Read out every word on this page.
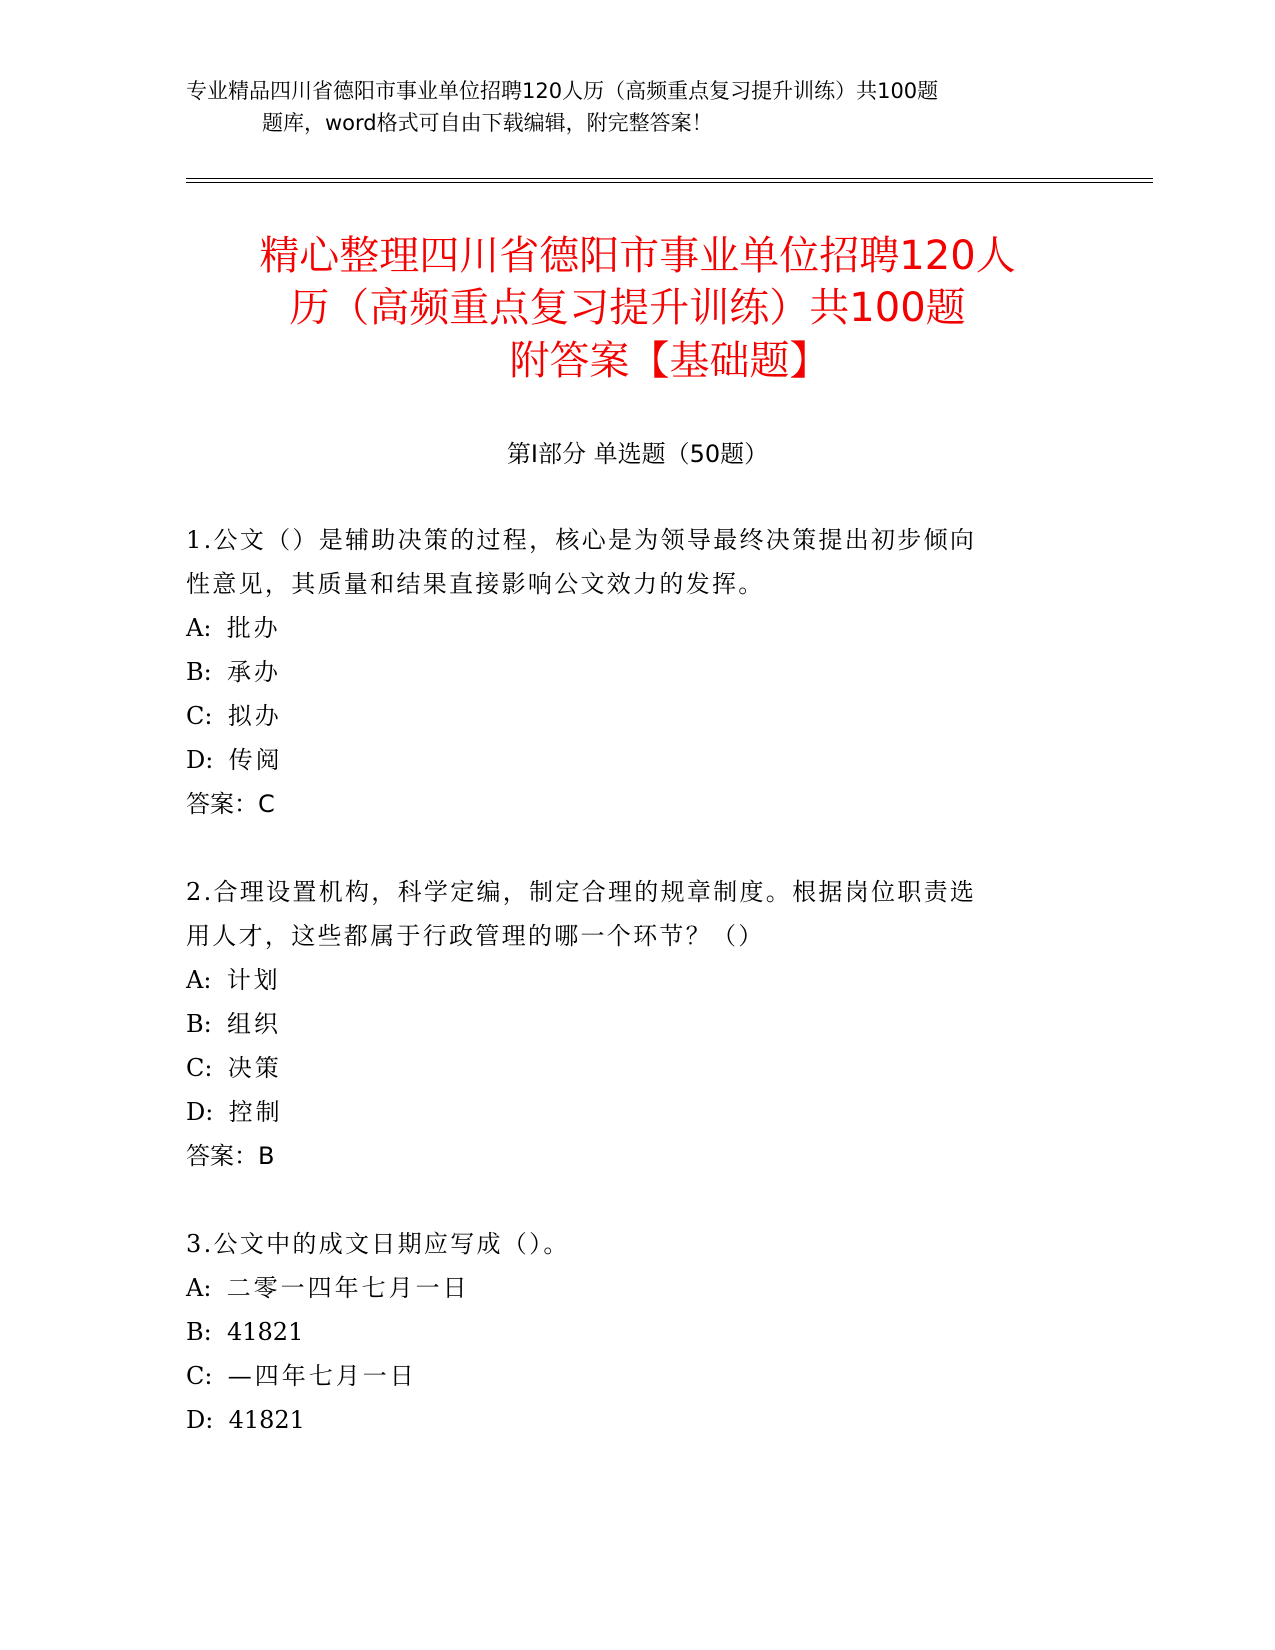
专业精品四川省德阳市事业单位招聘120人历（高频重点复习提升训练）共100题
题库，word格式可自由下载编辑，附完整答案！
精心整理四川省德阳市事业单位招聘120人
历（高频重点复习提升训练）共100题
附答案【基础题】
第I部分 单选题（50题）
1.公文（）是辅助决策的过程，核心是为领导最终决策提出初步倾向
性意见，其质量和结果直接影响公文效力的发挥。
A: 批办
B: 承办
C: 拟办
D: 传阅
答案：C
2.合理设置机构，科学定编，制定合理的规章制度。根据岗位职责选
用人才，这些都属于行政管理的哪一个环节？（）
A: 计划
B: 组织
C: 决策
D: 控制
答案：B
3.公文中的成文日期应写成（）。
A: 二零一四年七月一日
B: 41821
C: —四年七月一日
D: 41821
